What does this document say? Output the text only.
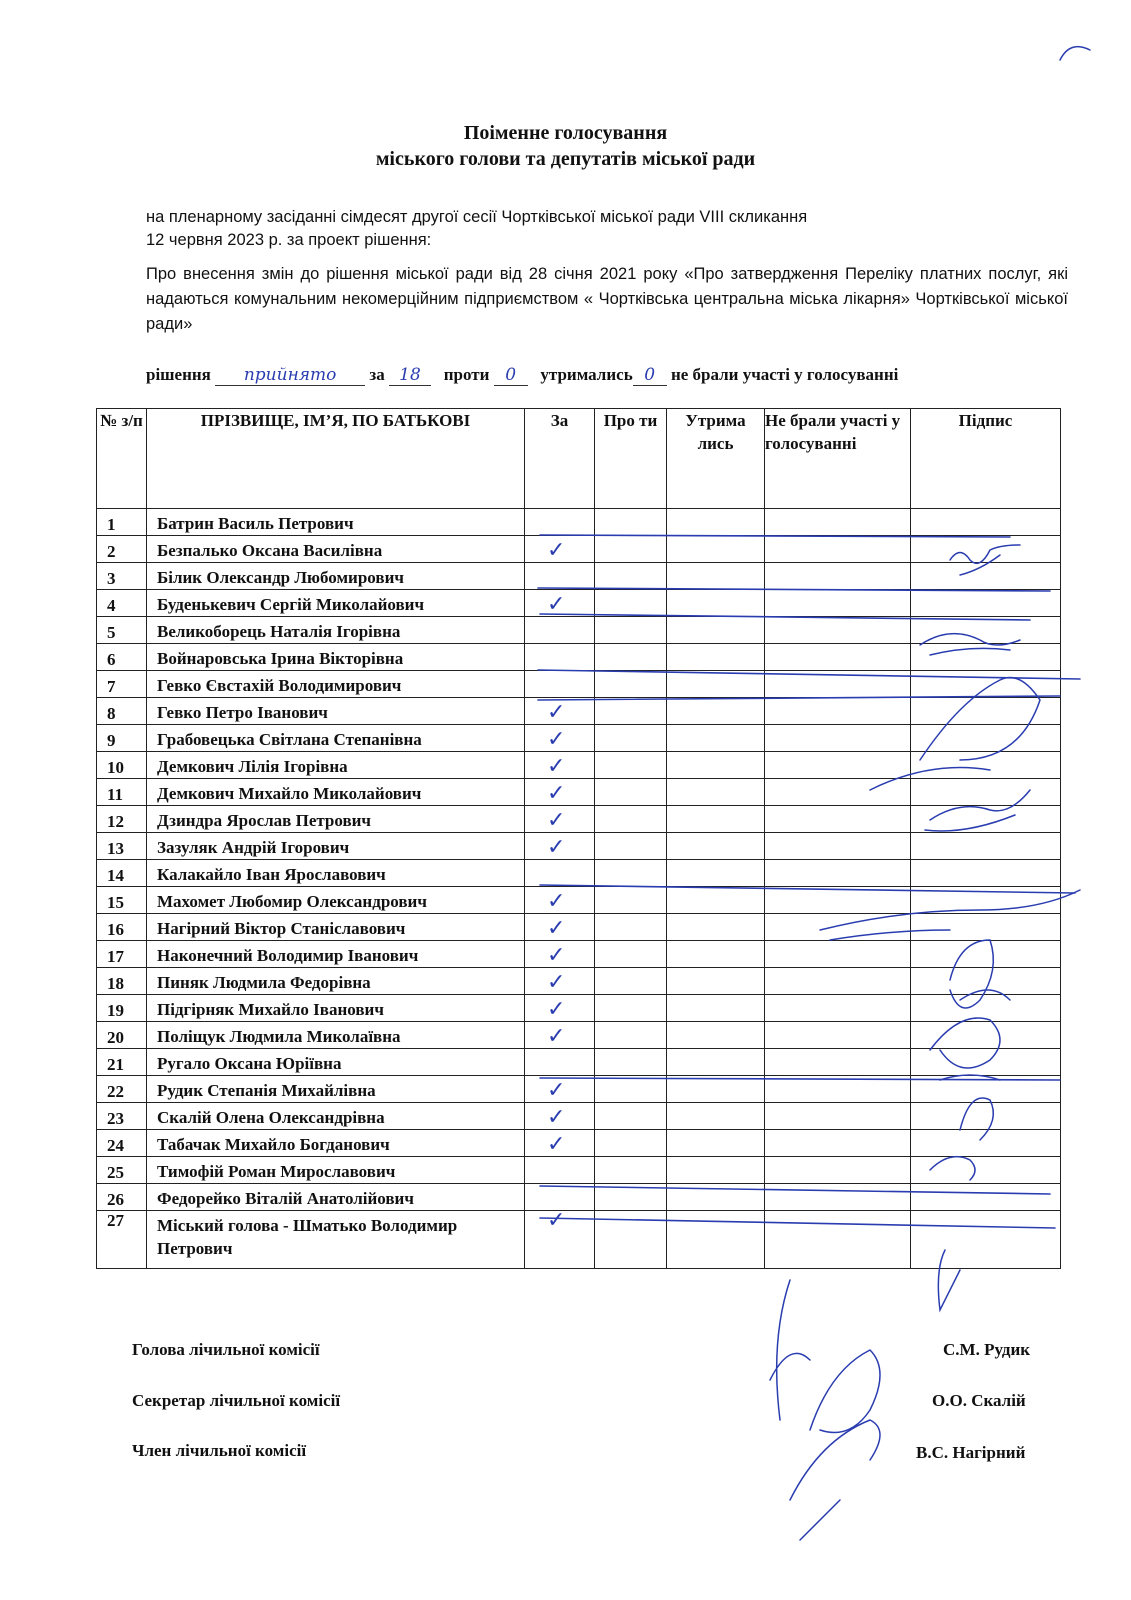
Поіменне голосування
міського голови та депутатів міської ради
на пленарному засіданні сімдесят другої сесії Чортківської міської ради VIII скликання
12 червня 2023 р. за проект рішення:
Про внесення змін до рішення міської ради від 28 січня 2021 року «Про затвердження Переліку платних послуг, які надаються комунальним некомерційним підприємством « Чортківська центральна міська лікарня» Чортківської міської ради»
рішення прийнято за 18 проти 0 утримались 0 не брали участі у голосуванні
№ з/п	ПРІЗВИЩЕ, ІМ’Я, ПО БАТЬКОВІ	За	Про ти	Утрима лись	Не брали участі у голосуванні	Підпис
1	Батрин Василь Петрович					
2	Безпалько Оксана Василівна	✓				
3	Білик Олександр Любомирович					
4	Буденькевич Сергій Миколайович	✓				
5	Великоборець Наталія Ігорівна					
6	Войнаровська Ірина Вікторівна					
7	Гевко Євстахій Володимирович					
8	Гевко Петро Іванович	✓				
9	Грабовецька Світлана Степанівна	✓				
10	Демкович Лілія Ігорівна	✓				
11	Демкович Михайло Миколайович	✓				
12	Дзиндра Ярослав Петрович	✓				
13	Зазуляк Андрій Ігорович	✓				
14	Калакайло Іван Ярославович					
15	Махомет Любомир Олександрович	✓				
16	Нагірний Віктор Станіславович	✓				
17	Наконечний Володимир Іванович	✓				
18	Пиняк Людмила Федорівна	✓				
19	Підгірняк Михайло Іванович	✓				
20	Поліщук Людмила Миколаївна	✓				
21	Ругало Оксана Юріївна					
22	Рудик Степанія Михайлівна	✓				
23	Скалій Олена Олександрівна	✓				
24	Табачак Михайло Богданович	✓				
25	Тимофій Роман Мирославович					
26	Федорейко Віталій Анатолійович					
27	Міський голова - Шматько Володимир Петрович	✓				
Голова лічильної комісії	С.М. Рудик
Секретар лічильної комісії	О.О. Скалій
Член лічильної комісії	В.С. Нагірний
